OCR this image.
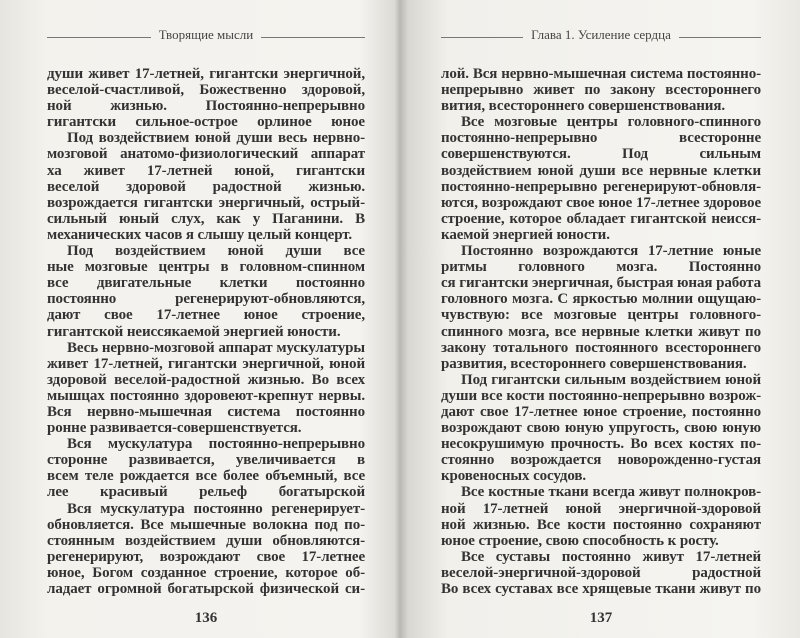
Творящие мысли
души живет 17-летней, гигантски энергичной,
веселой-счастливой, Божественно здоровой,
ной жизнью. Постоянно-непрерывно
гигантски сильное-острое орлиное юное
Под воздействием юной души весь нервно-
мозговой анатомо-физиологический аппарат
ха живет 17-летней юной, гигантски
веселой здоровой радостной жизнью.
возрождается гигантски энергичный, острый-
сильный юный слух, как у Паганини. В
механических часов я слышу целый концерт.
Под воздействием юной души все
ные мозговые центры в головном-спинном
все двигательные клетки постоянно
постоянно регенерируют-обновляются,
дают свое 17-летнее юное строение,
гигантской неиссякаемой энергией юности.
Весь нервно-мозговой аппарат мускулатуры
живет 17-летней, гигантски энергичной, юной
здоровой веселой-радостной жизнью. Во всех
мышцах постоянно здоровеют-крепнут нервы.
Вся нервно-мышечная система постоянно
ронне развивается-совершенствуется.
Вся мускулатура постоянно-непрерывно
сторонне развивается, увеличивается в
всем теле рождается все более объемный, все
лее красивый рельеф богатырской
Вся мускулатура постоянно регенерирует-
обновляется. Все мышечные волокна под по-
стоянным воздействием души обновляются-
регенерируют, возрождают свое 17-летнее
юное, Богом созданное строение, которое об-
ладает огромной богатырской физической си-
136
Глава 1. Усиление сердца
лой. Вся нервно-мышечная система постоянно-
непрерывно живет по закону всестороннего
вития, всестороннего совершенствования.
Все мозговые центры головного-спинного
постоянно-непрерывно всесторонне
совершенствуются. Под сильным
воздействием юной души все нервные клетки
постоянно-непрерывно регенерируют-обновля-
ются, возрождают свое юное 17-летнее здоровое
строение, которое обладает гигантской неисся-
каемой энергией юности.
Постоянно возрождаются 17-летние юные
ритмы головного мозга. Постоянно
ся гигантски энергичная, быстрая юная работа
головного мозга. С яркостью молнии ощущаю-
чувствую: все мозговые центры головного-
спинного мозга, все нервные клетки живут по
закону тотального постоянного всестороннего
развития, всестороннего совершенствования.
Под гигантски сильным воздействием юной
души все кости постоянно-непрерывно возрож-
дают свое 17-летнее юное строение, постоянно
возрождают свою юную упругость, свою юную
несокрушимую прочность. Во всех костях по-
стоянно возрождается новорожденно-густая
кровеносных сосудов.
Все костные ткани всегда живут полнокров-
ной 17-летней юной энергичной-здоровой
ной жизнью. Все кости постоянно сохраняют
юное строение, свою способность к росту.
Все суставы постоянно живут 17-летней
веселой-энергичной-здоровой радостной
Во всех суставах все хрящевые ткани живут по
137
